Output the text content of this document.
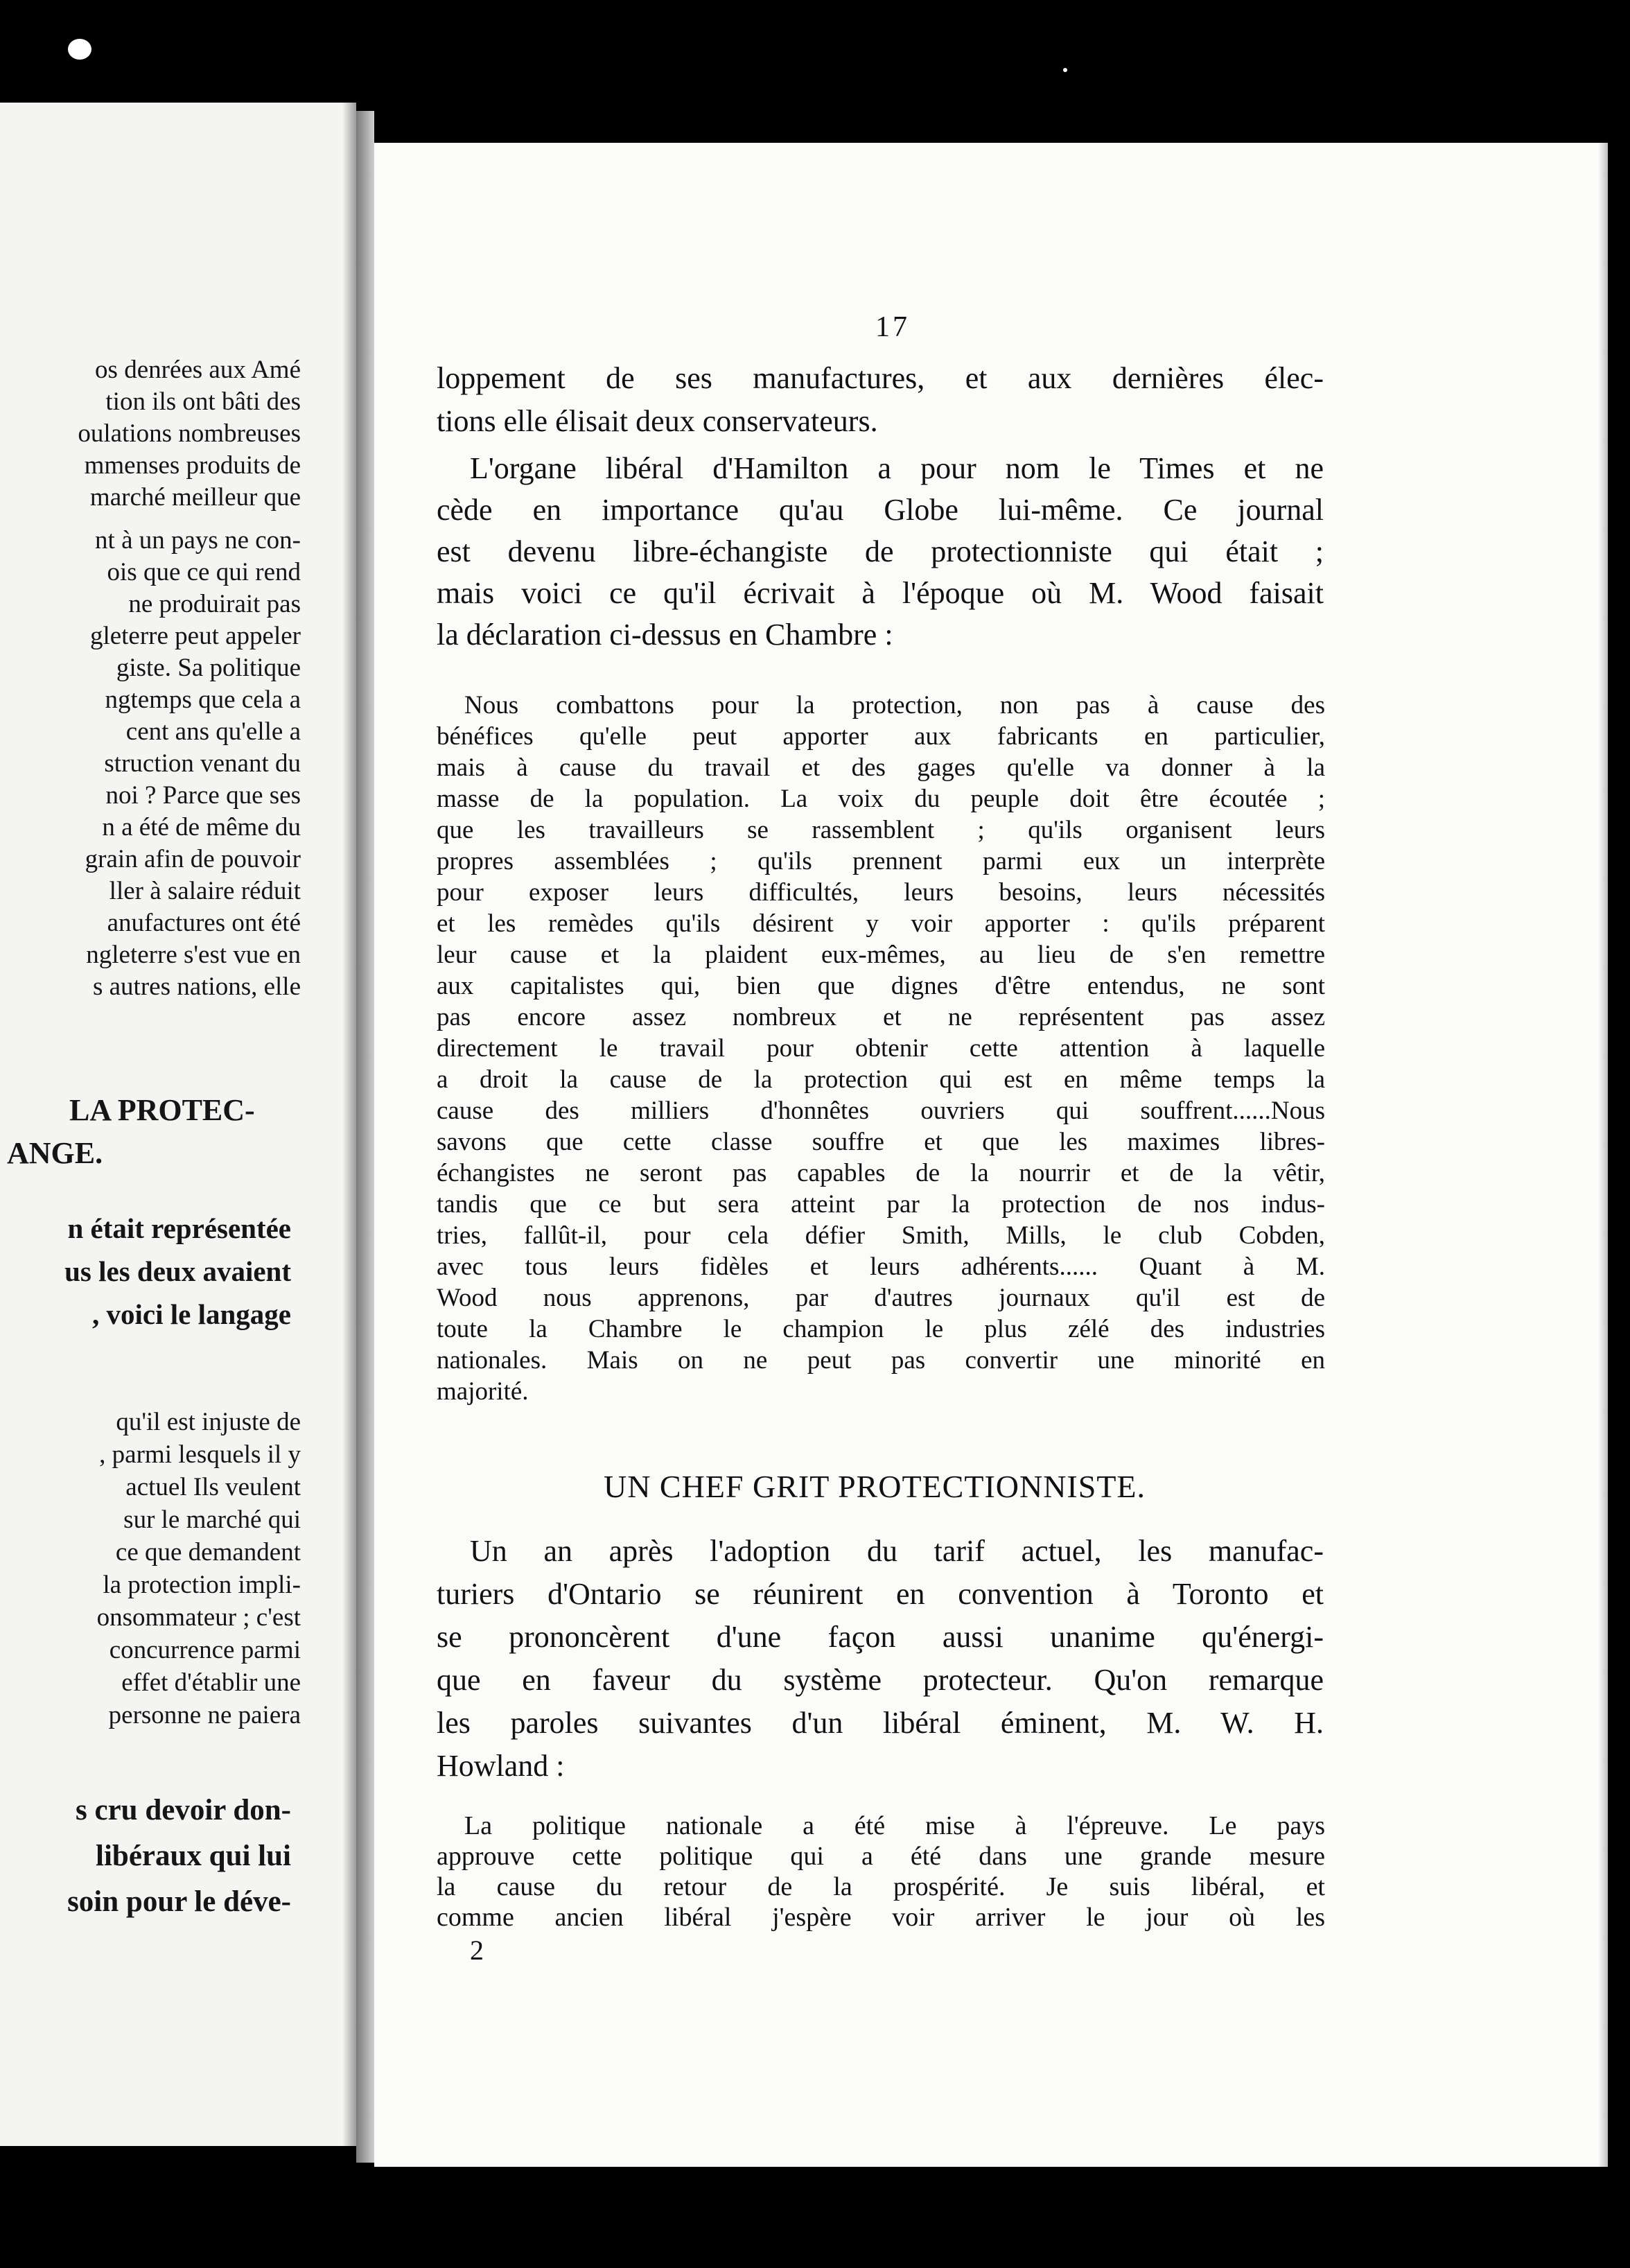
os denrées aux Amé
tion ils ont bâti des
oulations nombreuses
mmenses produits de
marché meilleur que
nt à un pays ne con-
ois que ce qui rend
ne produirait pas
gleterre peut appeler
giste. Sa politique
ngtemps que cela a
cent ans qu'elle a
struction venant du
noi ? Parce que ses
n a été de même du
grain afin de pouvoir
ller à salaire réduit
anufactures ont été
ngleterre s'est vue en
s autres nations, elle
LA PROTEC-
ANGE.
n était représentée
us les deux avaient
, voici le langage
qu'il est injuste de
, parmi lesquels il y
actuel Ils veulent
sur le marché qui
ce que demandent
la protection impli-
onsommateur ; c'est
concurrence parmi
effet d'établir une
personne ne paiera
s cru devoir don-
libéraux qui lui
soin pour le déve-
17
loppement de ses manufactures, et aux dernières élec-
tions elle élisait deux conservateurs.
L'organe libéral d'Hamilton a pour nom le Times et ne
cède en importance qu'au Globe lui-même. Ce journal
est devenu libre-échangiste de protectionniste qui était ;
mais voici ce qu'il écrivait à l'époque où M. Wood faisait
la déclaration ci-dessus en Chambre :
Nous combattons pour la protection, non pas à cause des
bénéfices qu'elle peut apporter aux fabricants en particulier,
mais à cause du travail et des gages qu'elle va donner à la
masse de la population. La voix du peuple doit être écoutée ;
que les travailleurs se rassemblent ; qu'ils organisent leurs
propres assemblées ; qu'ils prennent parmi eux un interprète
pour exposer leurs difficultés, leurs besoins, leurs nécessités
et les remèdes qu'ils désirent y voir apporter : qu'ils préparent
leur cause et la plaident eux-mêmes, au lieu de s'en remettre
aux capitalistes qui, bien que dignes d'être entendus, ne sont
pas encore assez nombreux et ne représentent pas assez
directement le travail pour obtenir cette attention à laquelle
a droit la cause de la protection qui est en même temps la
cause des milliers d'honnêtes ouvriers qui souffrent......Nous
savons que cette classe souffre et que les maximes libres-
échangistes ne seront pas capables de la nourrir et de la vêtir,
tandis que ce but sera atteint par la protection de nos indus-
tries, fallût-il, pour cela défier Smith, Mills, le club Cobden,
avec tous leurs fidèles et leurs adhérents...... Quant à M.
Wood nous apprenons, par d'autres journaux qu'il est de
toute la Chambre le champion le plus zélé des industries
nationales. Mais on ne peut pas convertir une minorité en
majorité.
Un an après l'adoption du tarif actuel, les manufac-
turiers d'Ontario se réunirent en convention à Toronto et
se prononcèrent d'une façon aussi unanime qu'énergi-
que en faveur du système protecteur. Qu'on remarque
les paroles suivantes d'un libéral éminent, M. W. H.
Howland :
La politique nationale a été mise à l'épreuve. Le pays
approuve cette politique qui a été dans une grande mesure
la cause du retour de la prospérité. Je suis libéral, et
comme ancien libéral j'espère voir arriver le jour où les
UN CHEF GRIT PROTECTIONNISTE.
2
